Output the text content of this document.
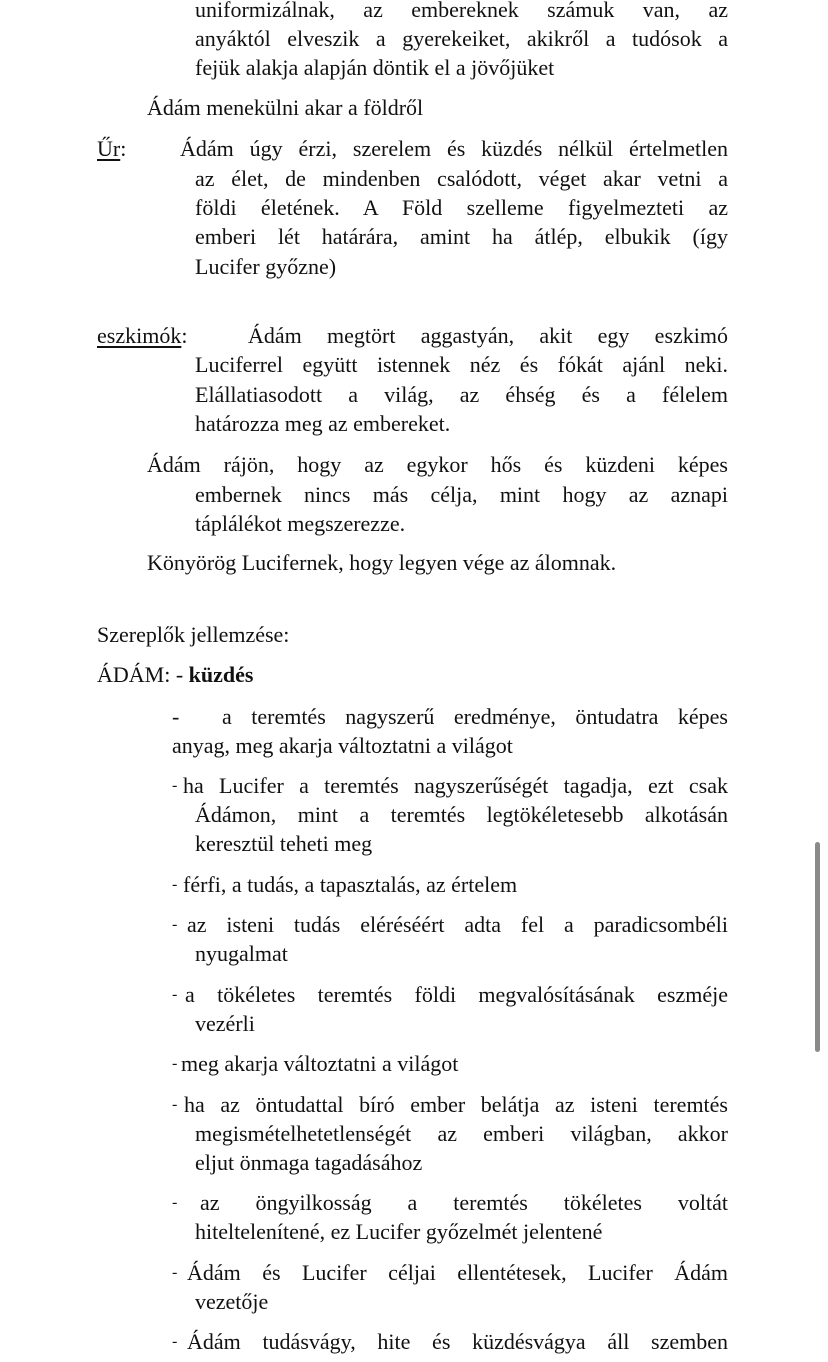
uniformizálnak, az embereknek számuk van, az

anyáktól elveszik a gyerekeiket, akikről a tudósok a

fejük alakja alapján döntik el a jövőjüket

Ádám menekülni akar a földről

Űr: Ádám úgy érzi, szerelem és küzdés nélkül értelmetlen

az élet, de mindenben csalódott, véget akar vetni a

földi életének. A Föld szelleme figyelmezteti az

emberi lét határára, amint ha átlép, elbukik (így

Lucifer győzne)

eszkimók:	Ádám megtört aggastyán, akit egy eszkimó

Luciferrel együtt istennek néz és fókát ajánl neki.

Elállatiasodott a világ, az éhség és a félelem

határozza meg az embereket.

Ádám rájön, hogy az egykor hős és küzdeni képes

embernek nincs más célja, mint hogy az aznapi

táplálékot megszerezze.

Könyörög Lucifernek, hogy legyen vége az álomnak.

Szereplők jellemzése:

ÁDÁM: - küzdés

- a teremtés nagyszerű eredménye, öntudatra képes

anyag, meg akarja változtatni a világot

- ha Lucifer a teremtés nagyszerűségét tagadja, ezt csak

Ádámon, mint a teremtés legtökéletesebb alkotásán

keresztül teheti meg

- férfi, a tudás, a tapasztalás, az értelem

- az isteni tudás eléréséért adta fel a paradicsombéli

nyugalmat

- a tökéletes teremtés földi megvalósításának eszméje

vezérli

- meg akarja változtatni a világot

- ha az öntudattal bíró ember belátja az isteni teremtés

megismételhetetlenségét az emberi világban, akkor

eljut önmaga tagadásához

- az öngyilkosság a teremtés tökéletes voltát

hiteltelenítené, ez Lucifer győzelmét jelentené

- Ádám és Lucifer céljai ellentétesek, Lucifer Ádám

vezetője

- Ádám tudásvágy, hite és küzdésvágya áll szemben
